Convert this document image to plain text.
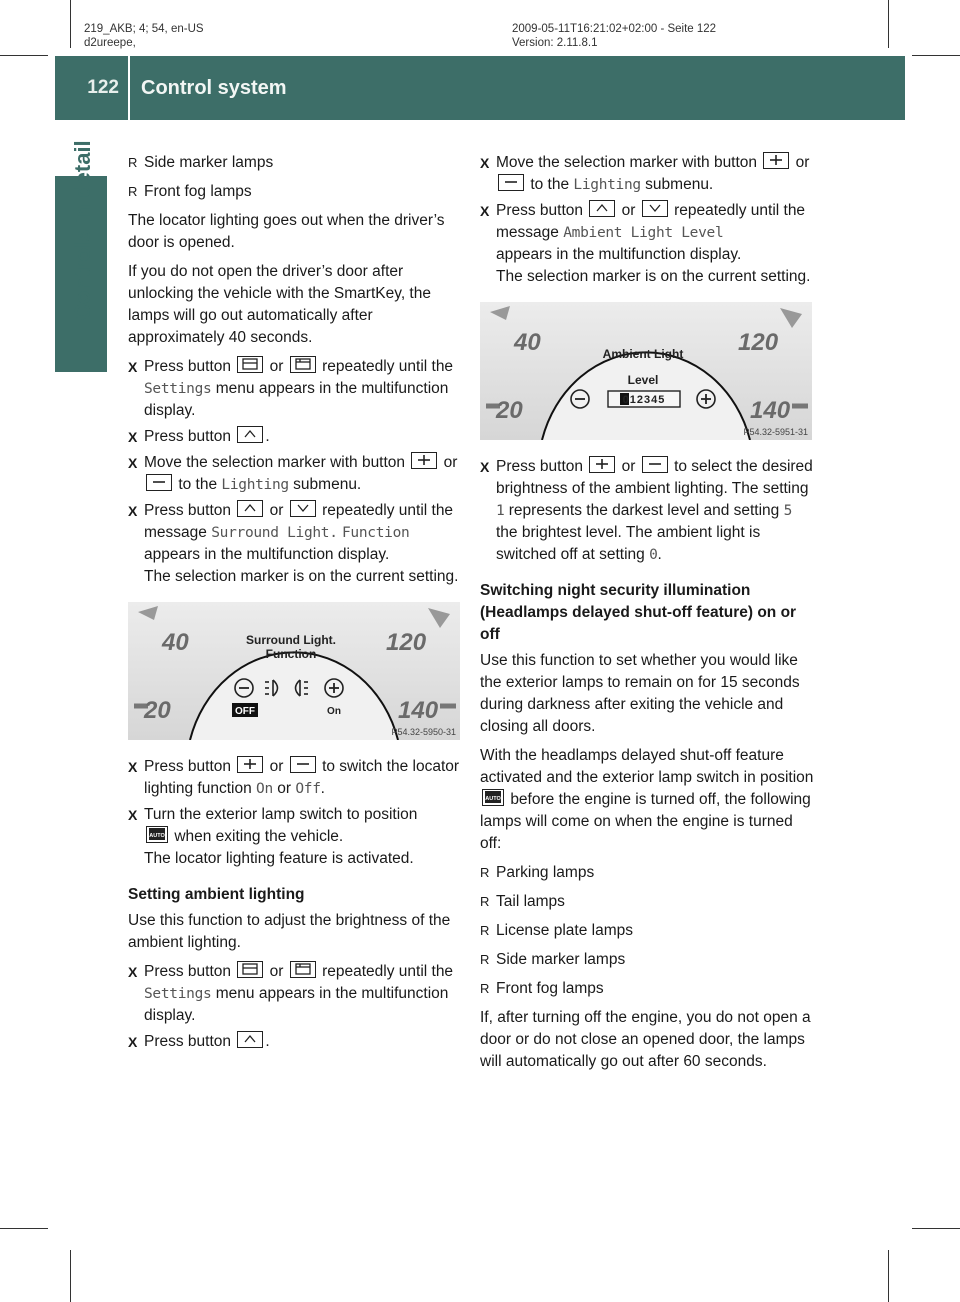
219_AKB; 4; 54, en-US
d2ureepe,
2009-05-11T16:21:02+02:00 - Seite 122
Version: 2.11.8.1
122 Control system
Controls in detail	R Side marker lamps
R Front fog lamps

The locator lighting goes out when the driver’s door is opened.

If you do not open the driver’s door after unlocking the vehicle with the SmartKey, the lamps will go out automatically after approximately 40 seconds.

X Press button or repeatedly until the Settings menu appears in the multifunction display.
X Press button .
X Move the selection marker with button or
to the Lighting submenu.
X Press button or repeatedly until the message Surround Light. Function appears in the multifunction display.
The selection marker is on the current setting.
40	120
20	140
Surround Light.
Function
OFF	On
P54.32-5950-31
X Press button or to switch the locator lighting function On or Off.
X Turn the exterior lamp switch to position

AUTO when exiting the vehicle.
The locator lighting feature is activated.
Setting ambient lighting

Use this function to adjust the brightness of the ambient lighting.

X Press button or repeatedly until the Settings menu appears in the multifunction display.
X Press button .
X Move the selection marker with button or
to the Lighting submenu.
X Press button or repeatedly until the message Ambient Light Level
appears in the multifunction display.
The selection marker is on the current setting.
40	120
20	140
Ambient Light
Level
012345
P54.32-5951-31
X Press button or to select the desired brightness of the ambient lighting. The setting 1 represents the darkest level and setting 5 the brightest level. The ambient light is switched off at setting 0.
Switching night security illumination (Headlamps delayed shut-off feature) on or off

Use this function to set whether you would like the exterior lamps to remain on for 15 seconds during darkness after exiting the vehicle and closing all doors.

With the headlamps delayed shut-off feature activated and the exterior lamp switch in position
AUTO before the engine is turned off, the following lamps will come on when the engine is turned off:

R Parking lamps
R Tail lamps
R License plate lamps
R Side marker lamps
R Front fog lamps

If, after turning off the engine, you do not open a door or do not close an opened door, the lamps will automatically go out after 60 seconds.
